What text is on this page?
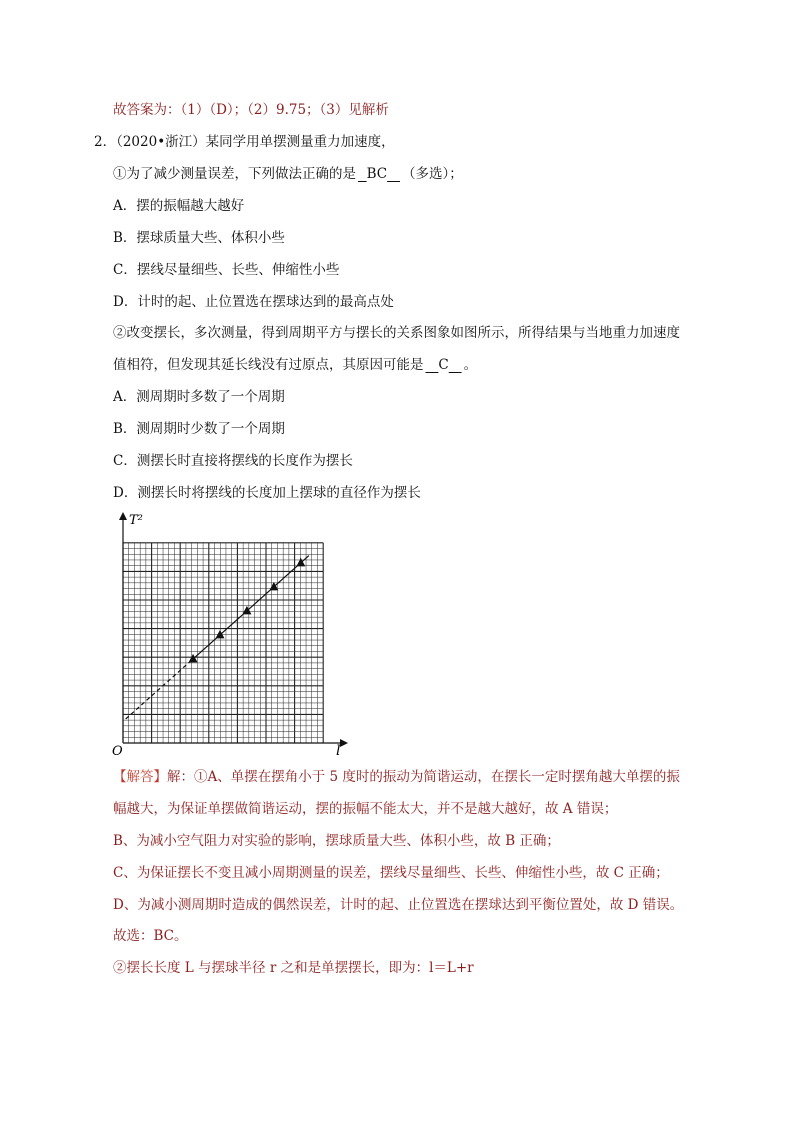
故答案为：（1）（D）；（2）9.75；（3）见解析
2．（2020•浙江）某同学用单摆测量重力加速度，
①为了减少测量误差，下列做法正确的是 BC （多选）；
A．摆的振幅越大越好
B．摆球质量大些、体积小些
C．摆线尽量细些、长些、伸缩性小些
D．计时的起、止位置选在摆球达到的最高点处
②改变摆长，多次测量，得到周期平方与摆长的关系图象如图所示，所得结果与当地重力加速度
值相符，但发现其延长线没有过原点，其原因可能是 C 。
A．测周期时多数了一个周期
B．测周期时少数了一个周期
C．测摆长时直接将摆线的长度作为摆长
D．测摆长时将摆线的长度加上摆球的直径作为摆长
T²
l
O
【解答】解：①A、单摆在摆角小于 5 度时的振动为简谐运动，在摆长一定时摆角越大单摆的振
幅越大，为保证单摆做简谐运动，摆的振幅不能太大，并不是越大越好，故 A 错误；
B、为减小空气阻力对实验的影响，摆球质量大些、体积小些，故 B 正确；
C、为保证摆长不变且减小周期测量的误差，摆线尽量细些、长些、伸缩性小些，故 C 正确；
D、为减小测周期时造成的偶然误差，计时的起、止位置选在摆球达到平衡位置处，故 D 错误。
故选：BC。
②摆长长度 L 与摆球半径 r 之和是单摆摆长，即为：l＝L+r
